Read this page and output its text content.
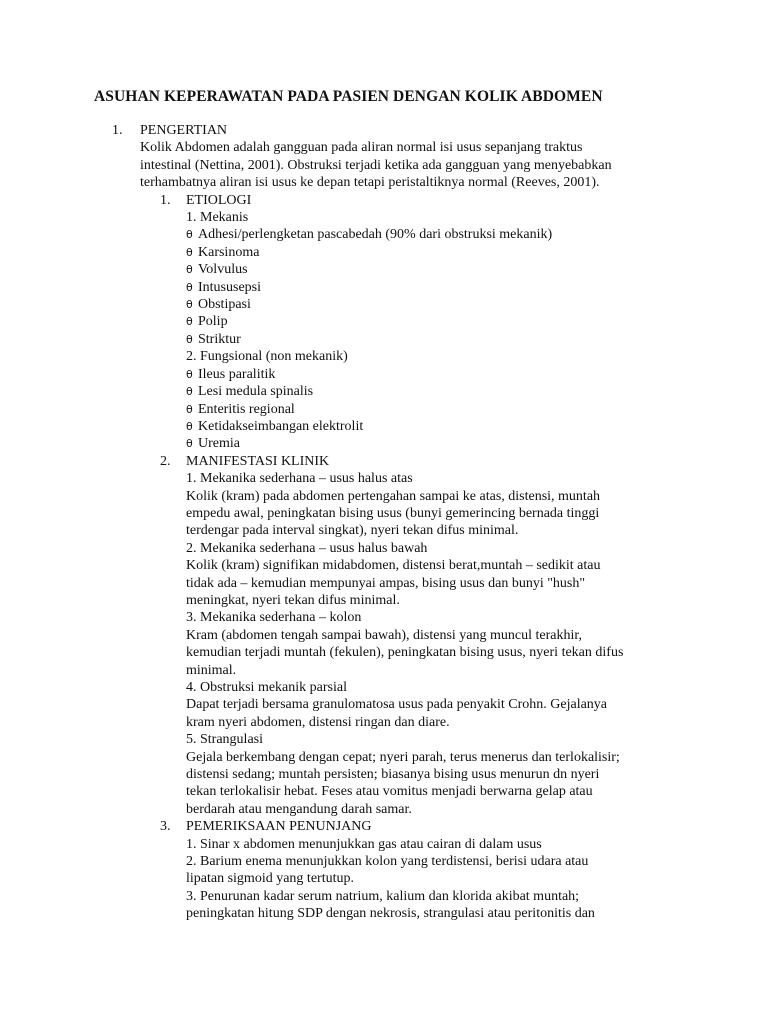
ASUHAN KEPERAWATAN PADA PASIEN DENGAN KOLIK ABDOMEN
1. PENGERTIAN
Kolik Abdomen adalah gangguan pada aliran normal isi usus sepanjang traktus
intestinal (Nettina, 2001). Obstruksi terjadi ketika ada gangguan yang menyebabkan
terhambatnya aliran isi usus ke depan tetapi peristaltiknya normal (Reeves, 2001).
1. ETIOLOGI
1. Mekanis
θ Adhesi/perlengketan pascabedah (90% dari obstruksi mekanik)
θ Karsinoma
θ Volvulus
θ Intususepsi
θ Obstipasi
θ Polip
θ Striktur
2. Fungsional (non mekanik)
θ Ileus paralitik
θ Lesi medula spinalis
θ Enteritis regional
θ Ketidakseimbangan elektrolit
θ Uremia
2. MANIFESTASI KLINIK
1. Mekanika sederhana – usus halus atas
Kolik (kram) pada abdomen pertengahan sampai ke atas, distensi, muntah
empedu awal, peningkatan bising usus (bunyi gemerincing bernada tinggi
terdengar pada interval singkat), nyeri tekan difus minimal.
2. Mekanika sederhana – usus halus bawah
Kolik (kram) signifikan midabdomen, distensi berat,muntah – sedikit atau
tidak ada – kemudian mempunyai ampas, bising usus dan bunyi "hush"
meningkat, nyeri tekan difus minimal.
3. Mekanika sederhana – kolon
Kram (abdomen tengah sampai bawah), distensi yang muncul terakhir,
kemudian terjadi muntah (fekulen), peningkatan bising usus, nyeri tekan difus
minimal.
4. Obstruksi mekanik parsial
Dapat terjadi bersama granulomatosa usus pada penyakit Crohn. Gejalanya
kram nyeri abdomen, distensi ringan dan diare.
5. Strangulasi
Gejala berkembang dengan cepat; nyeri parah, terus menerus dan terlokalisir;
distensi sedang; muntah persisten; biasanya bising usus menurun dn nyeri
tekan terlokalisir hebat. Feses atau vomitus menjadi berwarna gelap atau
berdarah atau mengandung darah samar.
3. PEMERIKSAAN PENUNJANG
1. Sinar x abdomen menunjukkan gas atau cairan di dalam usus
2. Barium enema menunjukkan kolon yang terdistensi, berisi udara atau
lipatan sigmoid yang tertutup.
3. Penurunan kadar serum natrium, kalium dan klorida akibat muntah;
peningkatan hitung SDP dengan nekrosis, strangulasi atau peritonitis dan
